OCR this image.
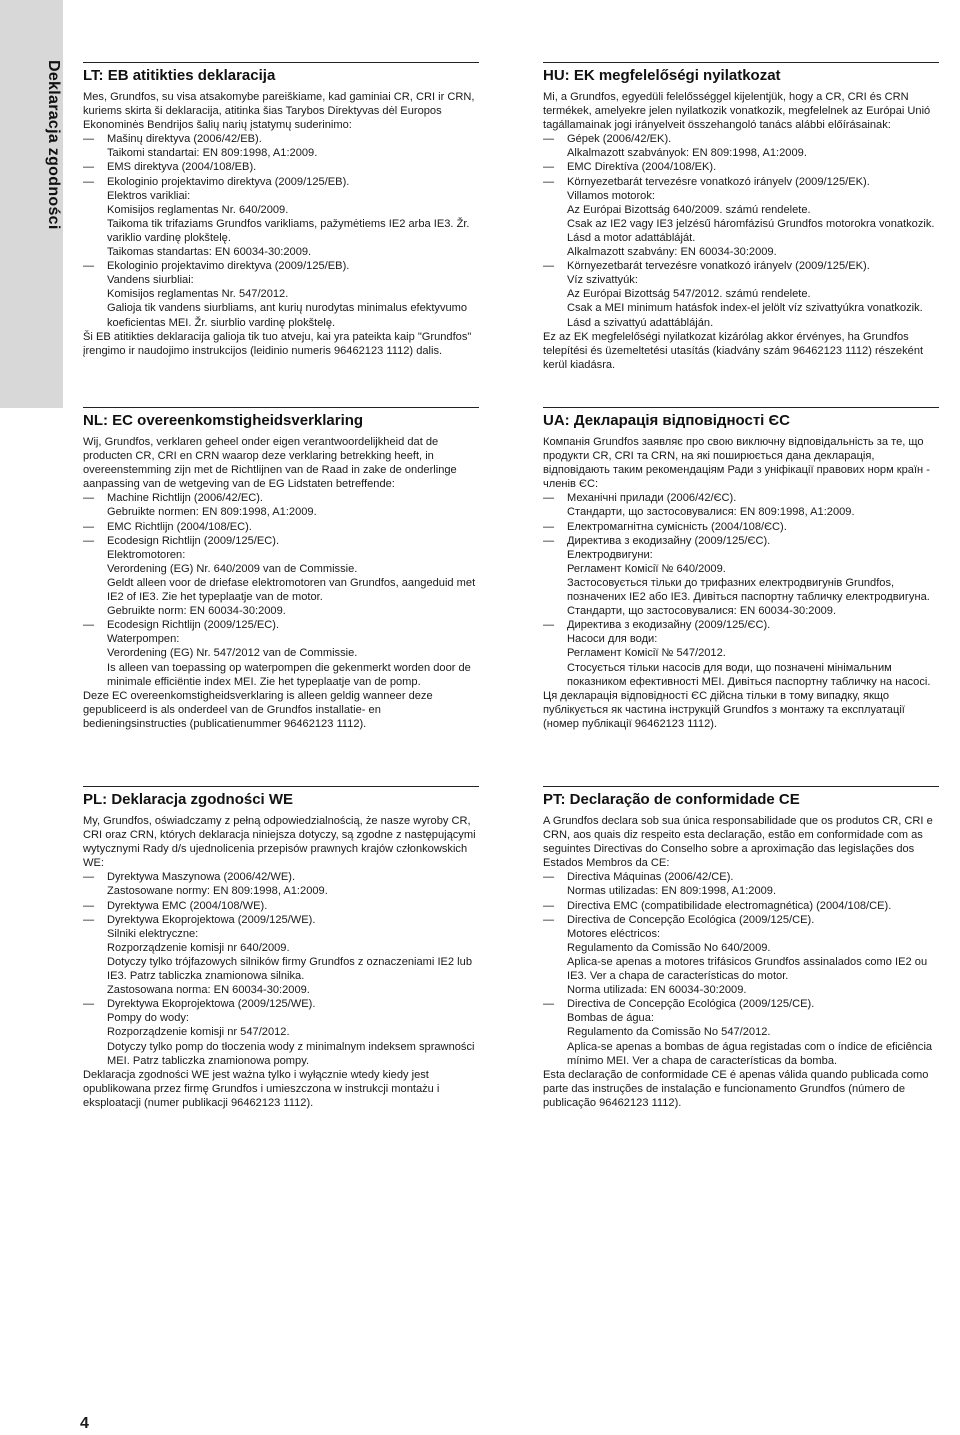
Deklaracja zgodności LT: EB atitikties deklaracija

Mes, Grundfos, su visa atsakomybe pareiškiame, kad gaminiai CR, CRI ir CRN, kuriems skirta ši deklaracija, atitinka šias Tarybos Direktyvas dėl Europos Ekonominės Bendrijos šalių narių įstatymų suderinimo:

— Mašinų direktyva (2006/42/EB).
Taikomi standartai: EN 809:1998, A1:2009.
— EMS direktyva (2004/108/EB).
— Ekologinio projektavimo direktyva (2009/125/EB).
Elektros varikliai:
Komisijos reglamentas Nr. 640/2009.
Taikoma tik trifaziams Grundfos varikliams, pažymėtiems IE2 arba IE3. Žr. variklio vardinę plokštelę.
Taikomas standartas: EN 60034-30:2009.
— Ekologinio projektavimo direktyva (2009/125/EB).
Vandens siurbliai:
Komisijos reglamentas Nr. 547/2012.
Galioja tik vandens siurbliams, ant kurių nurodytas minimalus efektyvumo koeficientas MEI. Žr. siurblio vardinę plokštelę.

Ši EB atitikties deklaracija galioja tik tuo atveju, kai yra pateikta kaip "Grundfos" įrengimo ir naudojimo instrukcijos (leidinio numeris 96462123 1112) dalis.

NL: EC overeenkomstigheidsverklaring

Wij, Grundfos, verklaren geheel onder eigen verantwoordelijkheid dat de producten CR, CRI en CRN waarop deze verklaring betrekking heeft, in overeenstemming zijn met de Richtlijnen van de Raad in zake de onderlinge aanpassing van de wetgeving van de EG Lidstaten betreffende:

— Machine Richtlijn (2006/42/EC).
Gebruikte normen: EN 809:1998, A1:2009.
— EMC Richtlijn (2004/108/EC).
— Ecodesign Richtlijn (2009/125/EC).
Elektromotoren:
Verordening (EG) Nr. 640/2009 van de Commissie.
Geldt alleen voor de driefase elektromotoren van Grundfos, aangeduid met IE2 of IE3. Zie het typeplaatje van de motor.
Gebruikte norm: EN 60034-30:2009.
— Ecodesign Richtlijn (2009/125/EC).
Waterpompen:
Verordening (EG) Nr. 547/2012 van de Commissie.
Is alleen van toepassing op waterpompen die gekenmerkt worden door de minimale efficiëntie index MEI. Zie het typeplaatje van de pomp.

Deze EC overeenkomstigheidsverklaring is alleen geldig wanneer deze gepubliceerd is als onderdeel van de Grundfos installatie- en bedieningsinstructies (publicatienummer 96462123 1112).

PL: Deklaracja zgodności WE

My, Grundfos, oświadczamy z pełną odpowiedzialnością, że nasze wyroby CR, CRI oraz CRN, których deklaracja niniejsza dotyczy, są zgodne z następującymi wytycznymi Rady d/s ujednolicenia przepisów prawnych krajów członkowskich WE:

— Dyrektywa Maszynowa (2006/42/WE).
Zastosowane normy: EN 809:1998, A1:2009.
— Dyrektywa EMC (2004/108/WE).
— Dyrektywa Ekoprojektowa (2009/125/WE).
Silniki elektryczne:
Rozporządzenie komisji nr 640/2009.
Dotyczy tylko trójfazowych silników firmy Grundfos z oznaczeniami IE2 lub IE3. Patrz tabliczka znamionowa silnika.
Zastosowana norma: EN 60034-30:2009.
— Dyrektywa Ekoprojektowa (2009/125/WE).
Pompy do wody:
Rozporządzenie komisji nr 547/2012.
Dotyczy tylko pomp do tłoczenia wody z minimalnym indeksem sprawności MEI. Patrz tabliczka znamionowa pompy.

Deklaracja zgodności WE jest ważna tylko i wyłącznie wtedy kiedy jest opublikowana przez firmę Grundfos i umieszczona w instrukcji montażu i eksploatacji (numer publikacji 96462123 1112).

HU: EK megfelelőségi nyilatkozat

Mi, a Grundfos, egyedüli felelősséggel kijelentjük, hogy a CR, CRI és CRN termékek, amelyekre jelen nyilatkozik vonatkozik, megfelelnek az Európai Unió tagállamainak jogi irányelveit összehangoló tanács alábbi előírásainak:

— Gépek (2006/42/EK).
Alkalmazott szabványok: EN 809:1998, A1:2009.
— EMC Direktíva (2004/108/EK).
— Környezetbarát tervezésre vonatkozó irányelv (2009/125/EK).
Villamos motorok:
Az Európai Bizottság 640/2009. számú rendelete.
Csak az IE2 vagy IE3 jelzésű háromfázisú Grundfos motorokra vonatkozik. Lásd a motor adattábláját.
Alkalmazott szabvány: EN 60034-30:2009.
— Környezetbarát tervezésre vonatkozó irányelv (2009/125/EK).
Víz szivattyúk:
Az Európai Bizottság 547/2012. számú rendelete.
Csak a MEI minimum hatásfok index-el jelölt víz szivattyúkra vonatkozik. Lásd a szivattyú adattábláján.

Ez az EK megfelelőségi nyilatkozat kizárólag akkor érvényes, ha Grundfos telepítési és üzemeltetési utasítás (kiadvány szám 96462123 1112) részeként kerül kiadásra.

UA: Декларація відповідності ЄС

Компанія Grundfos заявляє про свою виключну відповідальність за те, що продукти CR, CRI та CRN, на які поширюється дана декларація, відповідають таким рекомендаціям Ради з уніфікації правових норм країн - членів ЄС:

— Механічні прилади (2006/42/ЄС).
Стандарти, що застосовувалися: EN 809:1998, A1:2009.
— Електромагнітна сумісність (2004/108/ЄС).
— Директива з екодизайну (2009/125/ЄС).
Електродвигуни:
Регламент Комісії № 640/2009.
Застосовується тільки до трифазних електродвигунів Grundfos, позначених IE2 або IE3. Дивіться паспортну табличку електродвигуна.
Стандарти, що застосовувалися: EN 60034-30:2009.
— Директива з екодизайну (2009/125/ЄС).
Насоси для води:
Регламент Комісії № 547/2012.
Стосується тільки насосів для води, що позначені мінімальним показником ефективності MEI. Дивіться паспортну табличку на насосі.

Ця декларація відповідності ЄС дійсна тільки в тому випадку, якщо публікується як частина інструкцій Grundfos з монтажу та експлуатації (номер публікації 96462123 1112).

PT: Declaração de conformidade CE

A Grundfos declara sob sua única responsabilidade que os produtos CR, CRI e CRN, aos quais diz respeito esta declaração, estão em conformidade com as seguintes Directivas do Conselho sobre a aproximação das legislações dos Estados Membros da CE:

— Directiva Máquinas (2006/42/CE).
Normas utilizadas: EN 809:1998, A1:2009.
— Directiva EMC (compatibilidade electromagnética) (2004/108/CE).
— Directiva de Concepção Ecológica (2009/125/CE).
Motores eléctricos:
Regulamento da Comissão No 640/2009.
Aplica-se apenas a motores trifásicos Grundfos assinalados como IE2 ou IE3. Ver a chapa de características do motor.
Norma utilizada: EN 60034-30:2009.
— Directiva de Concepção Ecológica (2009/125/CE).
Bombas de água:
Regulamento da Comissão No 547/2012.
Aplica-se apenas a bombas de água registadas com o índice de eficiência mínimo MEI. Ver a chapa de características da bomba.

Esta declaração de conformidade CE é apenas válida quando publicada como parte das instruções de instalação e funcionamento Grundfos (número de publicação 96462123 1112).

4
